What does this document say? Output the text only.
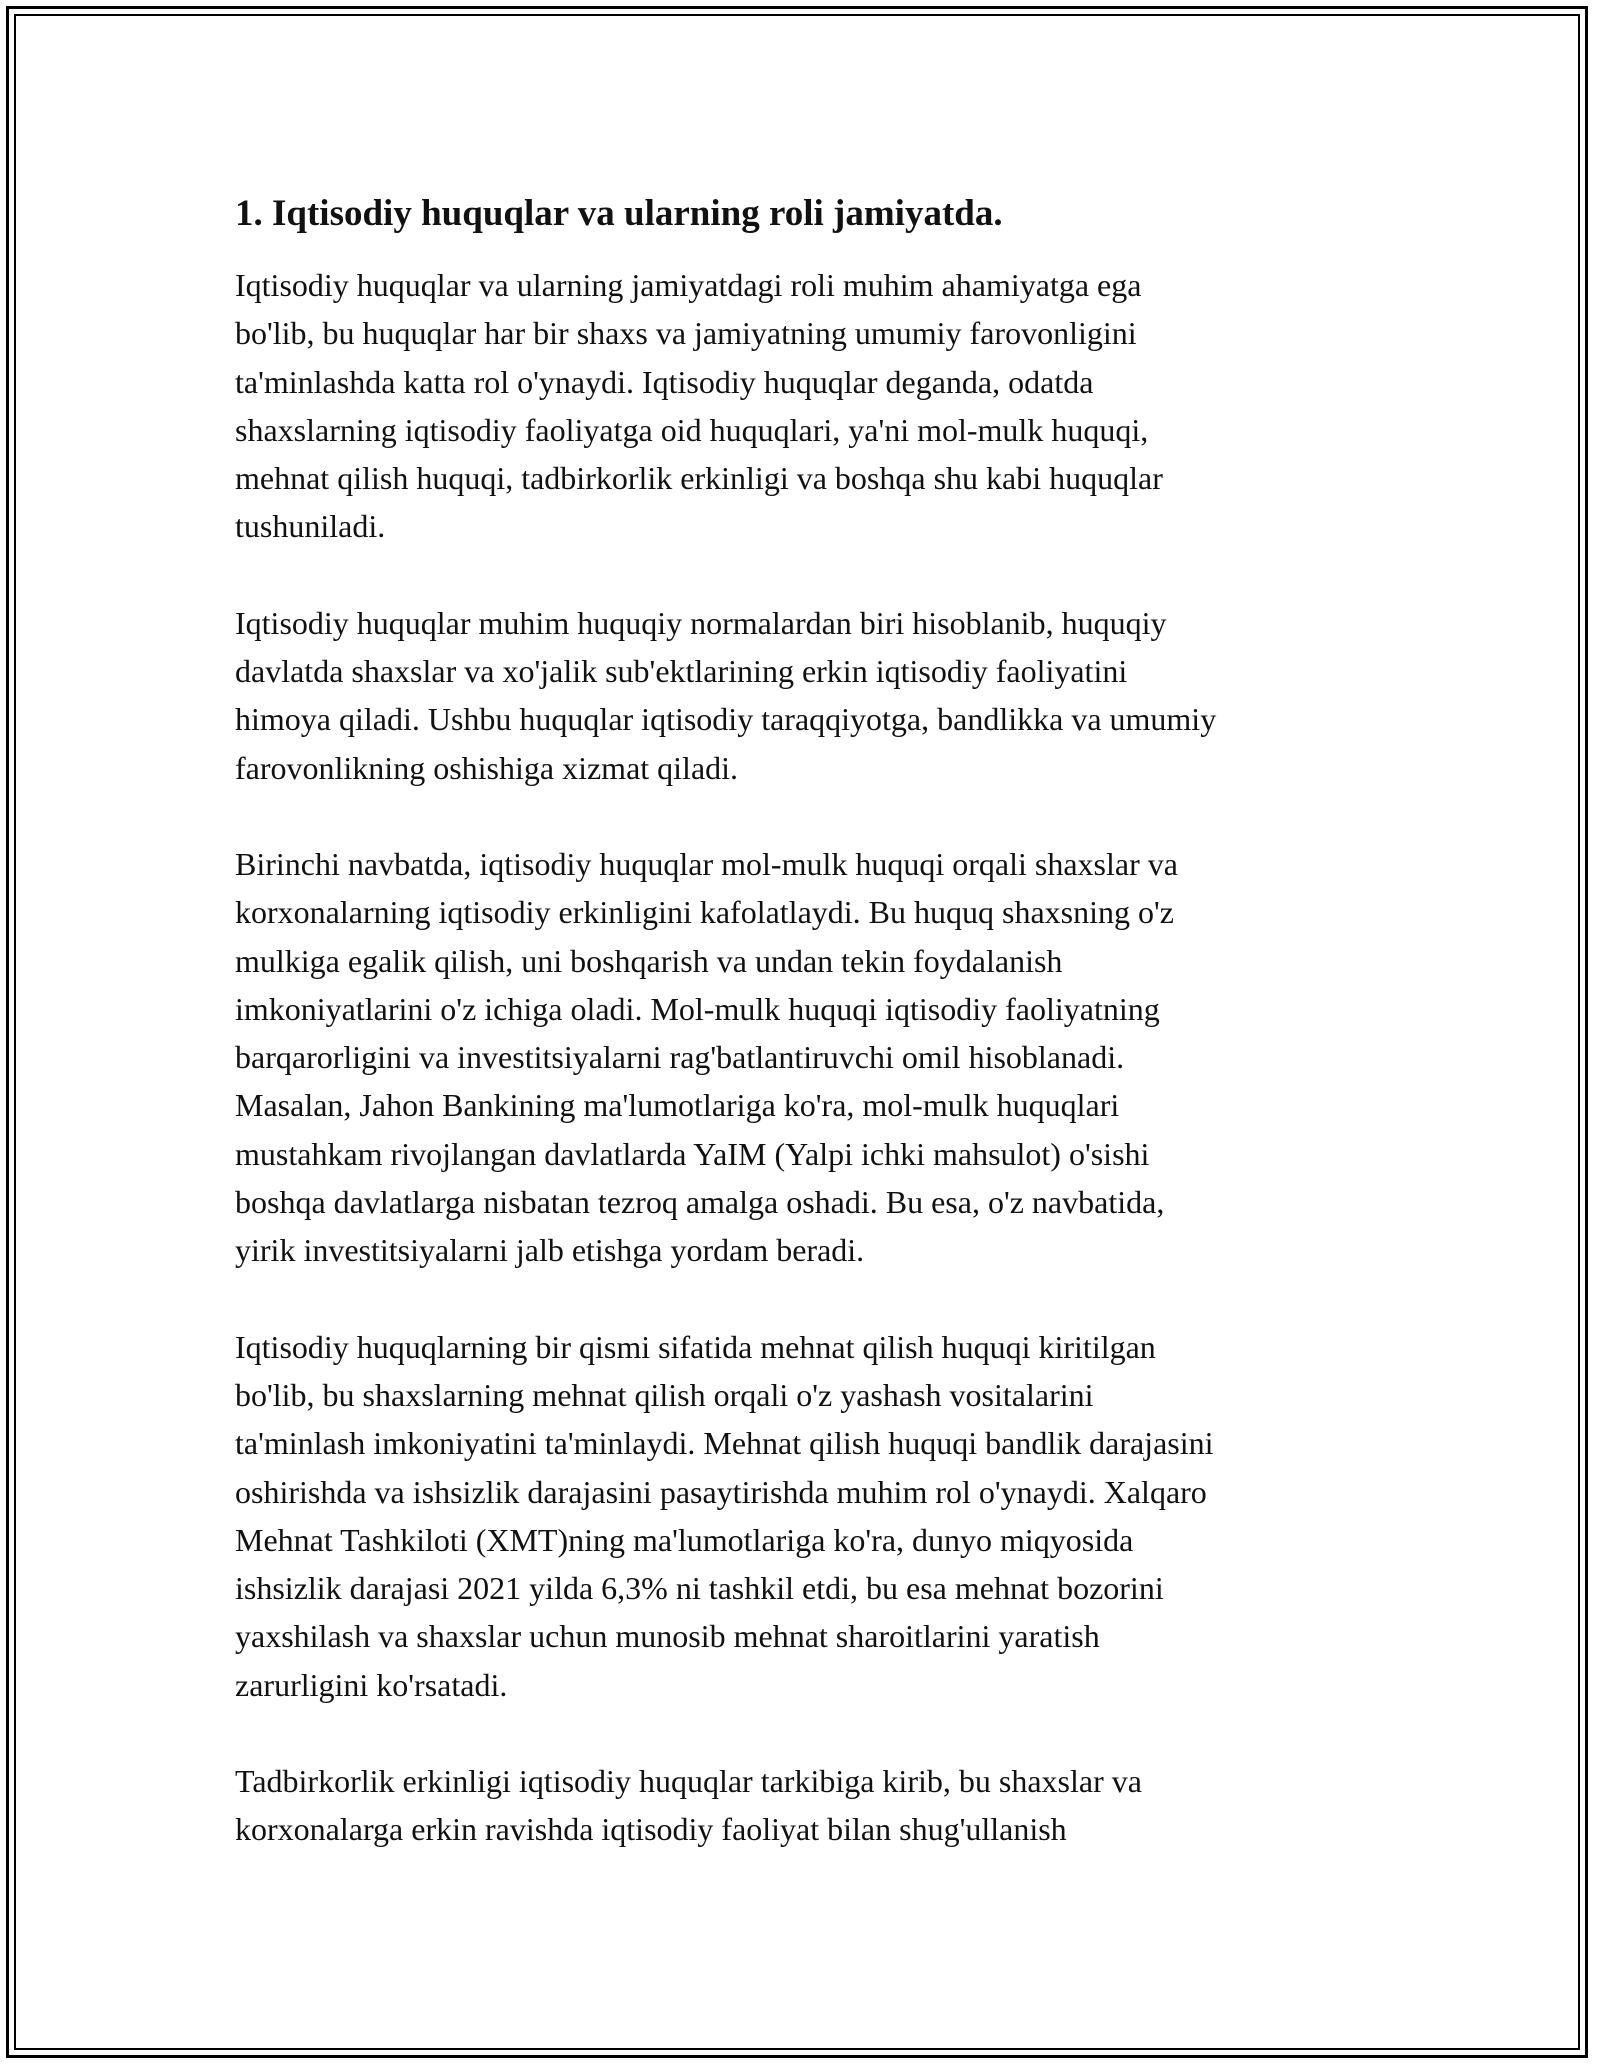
1. Iqtisodiy huquqlar va ularning roli jamiyatda.
Iqtisodiy huquqlar va ularning jamiyatdagi roli muhim ahamiyatga ega
bo'lib, bu huquqlar har bir shaxs va jamiyatning umumiy farovonligini
ta'minlashda katta rol o'ynaydi. Iqtisodiy huquqlar deganda, odatda
shaxslarning iqtisodiy faoliyatga oid huquqlari, ya'ni mol-mulk huquqi,
mehnat qilish huquqi, tadbirkorlik erkinligi va boshqa shu kabi huquqlar
tushuniladi.
Iqtisodiy huquqlar muhim huquqiy normalardan biri hisoblanib, huquqiy
davlatda shaxslar va xo'jalik sub'ektlarining erkin iqtisodiy faoliyatini
himoya qiladi. Ushbu huquqlar iqtisodiy taraqqiyotga, bandlikka va umumiy
farovonlikning oshishiga xizmat qiladi.
Birinchi navbatda, iqtisodiy huquqlar mol-mulk huquqi orqali shaxslar va
korxonalarning iqtisodiy erkinligini kafolatlaydi. Bu huquq shaxsning o'z
mulkiga egalik qilish, uni boshqarish va undan tekin foydalanish
imkoniyatlarini o'z ichiga oladi. Mol-mulk huquqi iqtisodiy faoliyatning
barqarorligini va investitsiyalarni rag'batlantiruvchi omil hisoblanadi.
Masalan, Jahon Bankining ma'lumotlariga ko'ra, mol-mulk huquqlari
mustahkam rivojlangan davlatlarda YaIM (Yalpi ichki mahsulot) o'sishi
boshqa davlatlarga nisbatan tezroq amalga oshadi. Bu esa, o'z navbatida,
yirik investitsiyalarni jalb etishga yordam beradi.
Iqtisodiy huquqlarning bir qismi sifatida mehnat qilish huquqi kiritilgan
bo'lib, bu shaxslarning mehnat qilish orqali o'z yashash vositalarini
ta'minlash imkoniyatini ta'minlaydi. Mehnat qilish huquqi bandlik darajasini
oshirishda va ishsizlik darajasini pasaytirishda muhim rol o'ynaydi. Xalqaro
Mehnat Tashkiloti (XMT)ning ma'lumotlariga ko'ra, dunyo miqyosida
ishsizlik darajasi 2021 yilda 6,3% ni tashkil etdi, bu esa mehnat bozorini
yaxshilash va shaxslar uchun munosib mehnat sharoitlarini yaratish
zarurligini ko'rsatadi.
Tadbirkorlik erkinligi iqtisodiy huquqlar tarkibiga kirib, bu shaxslar va
korxonalarga erkin ravishda iqtisodiy faoliyat bilan shug'ullanish
